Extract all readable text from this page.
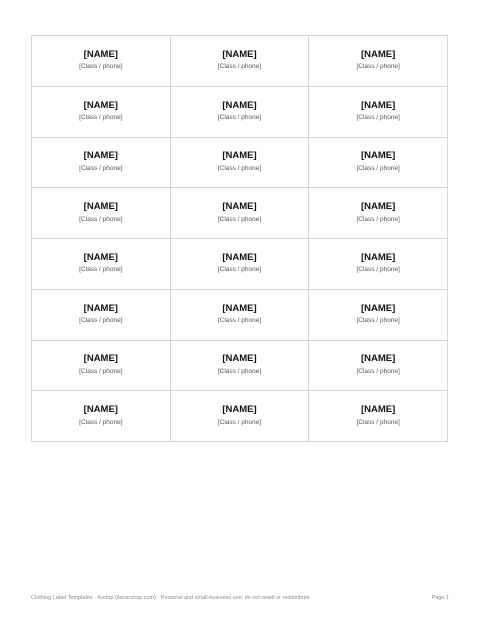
[NAME]
[Class / phone]
[NAME]
[Class / phone]
[NAME]
[Class / phone]
[NAME]
[Class / phone]
[NAME]
[Class / phone]
[NAME]
[Class / phone]
[NAME]
[Class / phone]
[NAME]
[Class / phone]
[NAME]
[Class / phone]
[NAME]
[Class / phone]
[NAME]
[Class / phone]
[NAME]
[Class / phone]
[NAME]
[Class / phone]
[NAME]
[Class / phone]
[NAME]
[Class / phone]
[NAME]
[Class / phone]
[NAME]
[Class / phone]
[NAME]
[Class / phone]
[NAME]
[Class / phone]
[NAME]
[Class / phone]
[NAME]
[Class / phone]
[NAME]
[Class / phone]
[NAME]
[Class / phone]
[NAME]
[Class / phone]
Clothing Label Templates · Kedop (ilanarshop.com) · Personal and small-business use; do not resell or redistribute.	Page 1
